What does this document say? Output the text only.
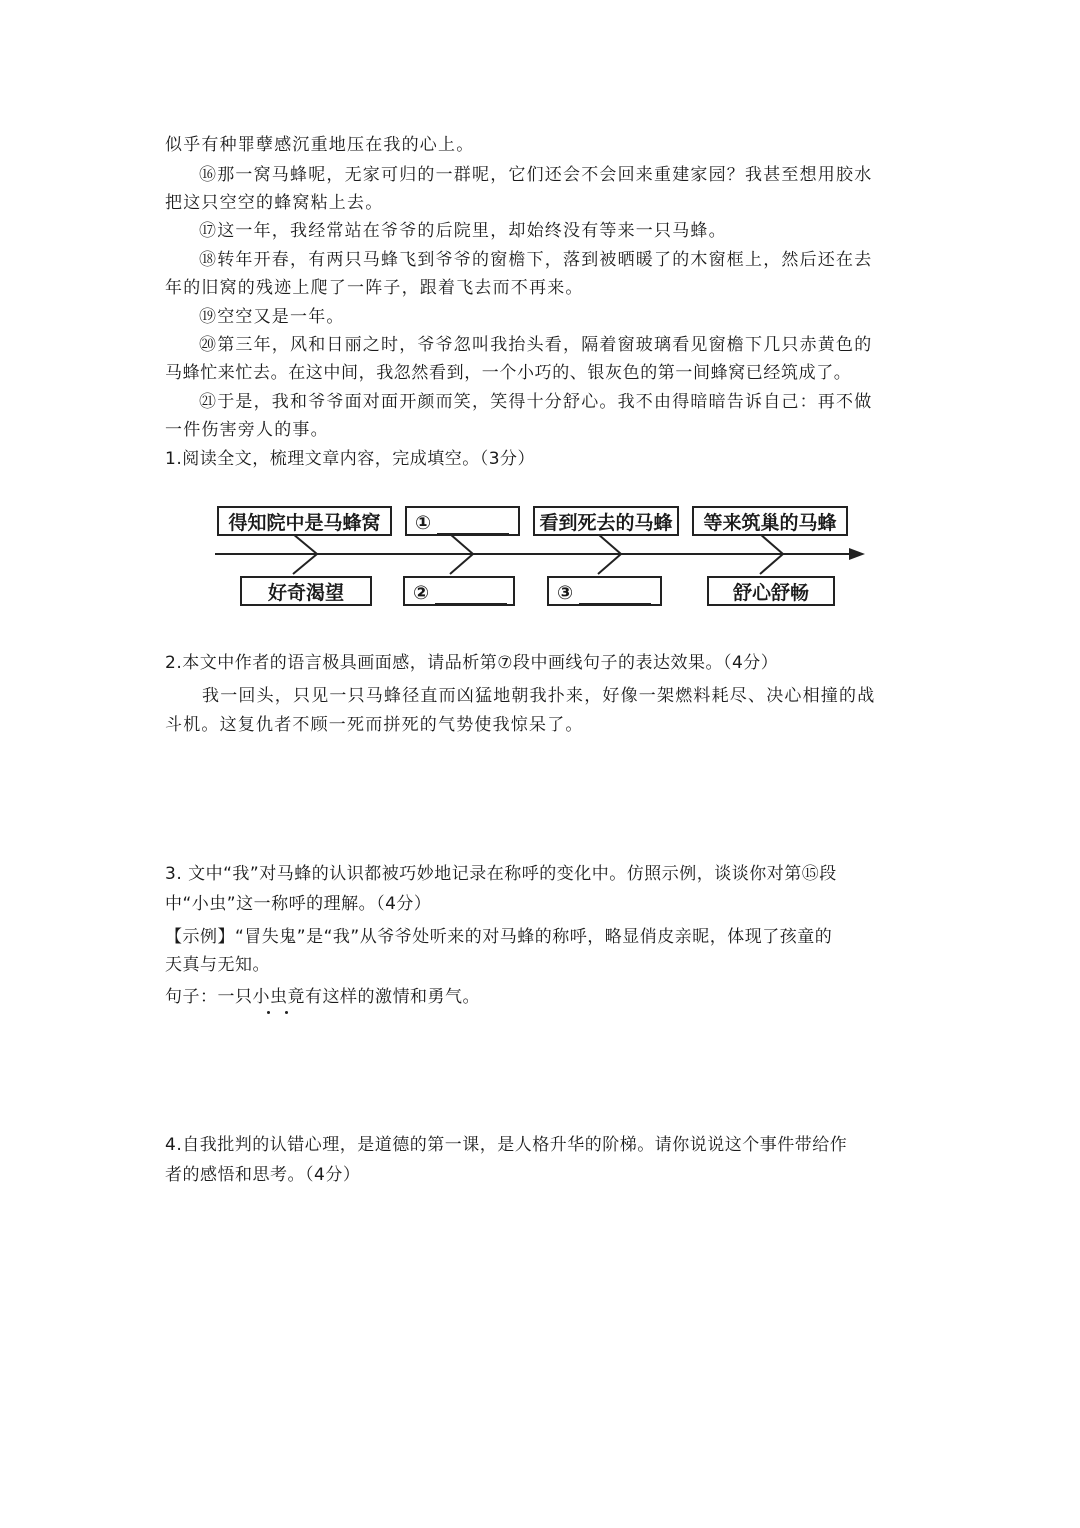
似乎有种罪孽感沉重地压在我的心上。
⑯那一窝马蜂呢，无家可归的一群呢，它们还会不会回来重建家园？我甚至想用胶水
把这只空空的蜂窝粘上去。
⑰这一年，我经常站在爷爷的后院里，却始终没有等来一只马蜂。
⑱转年开春，有两只马蜂飞到爷爷的窗檐下，落到被晒暖了的木窗框上，然后还在去
年的旧窝的残迹上爬了一阵子，跟着飞去而不再来。
⑲空空又是一年。
⑳第三年，风和日丽之时，爷爷忽叫我抬头看，隔着窗玻璃看见窗檐下几只赤黄色的
马蜂忙来忙去。在这中间，我忽然看到，一个小巧的、银灰色的第一间蜂窝已经筑成了。
㉑于是，我和爷爷面对面开颜而笑，笑得十分舒心。我不由得暗暗告诉自己：再不做
一件伤害旁人的事。
1.阅读全文，梳理文章内容，完成填空。（3分）
得知院中是马蜂窝	①	看到死去的马蜂	等来筑巢的马蜂
好奇渴望	②	③	舒心舒畅
2.本文中作者的语言极具画面感，请品析第⑦段中画线句子的表达效果。（4分）
我一回头，只见一只马蜂径直而凶猛地朝我扑来，好像一架燃料耗尽、决心相撞的战
斗机。这复仇者不顾一死而拼死的气势使我惊呆了。
3. 文中“我”对马蜂的认识都被巧妙地记录在称呼的变化中。仿照示例，谈谈你对第⑮段
中“小虫”这一称呼的理解。（4分）
【示例】“冒失鬼”是“我”从爷爷处听来的对马蜂的称呼，略显俏皮亲昵，体现了孩童的
天真与无知。
句子：一只小虫竟有这样的激情和勇气。
4.自我批判的认错心理，是道德的第一课，是人格升华的阶梯。请你说说这个事件带给作
者的感悟和思考。（4分）
